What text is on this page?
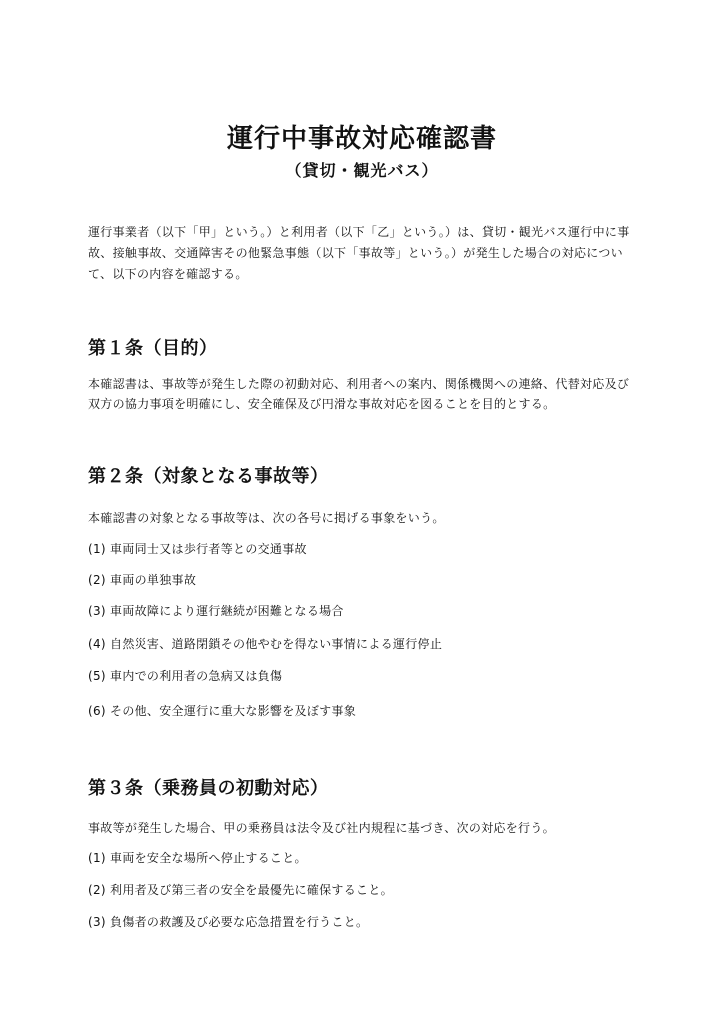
運行中事故対応確認書
（貸切・観光バス）
運行事業者（以下「甲」という。）と利用者（以下「乙」という。）は、貸切・観光バス運行中に事故、接触事故、交通障害その他緊急事態（以下「事故等」という。）が発生した場合の対応について、以下の内容を確認する。
第１条（目的）
本確認書は、事故等が発生した際の初動対応、利用者への案内、関係機関への連絡、代替対応及び双方の協力事項を明確にし、安全確保及び円滑な事故対応を図ることを目的とする。
第２条（対象となる事故等）
本確認書の対象となる事故等は、次の各号に掲げる事象をいう。
(1) 車両同士又は歩行者等との交通事故
(2) 車両の単独事故
(3) 車両故障により運行継続が困難となる場合
(4) 自然災害、道路閉鎖その他やむを得ない事情による運行停止
(5) 車内での利用者の急病又は負傷
(6) その他、安全運行に重大な影響を及ぼす事象
第３条（乗務員の初動対応）
事故等が発生した場合、甲の乗務員は法令及び社内規程に基づき、次の対応を行う。
(1) 車両を安全な場所へ停止すること。
(2) 利用者及び第三者の安全を最優先に確保すること。
(3) 負傷者の救護及び必要な応急措置を行うこと。
